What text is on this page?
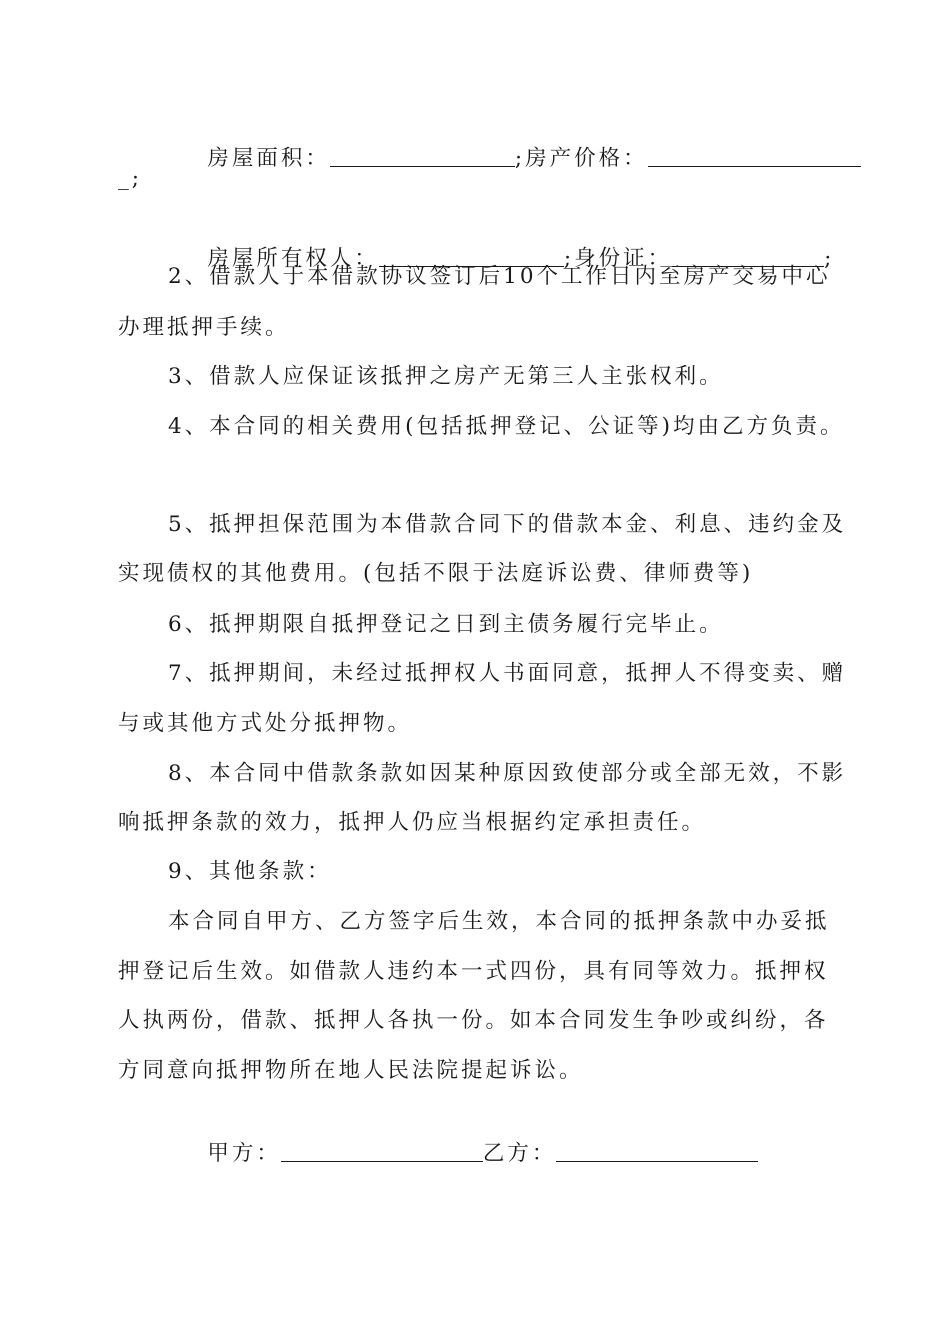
房屋面积：	;房产价格：

_;

房屋所有权人：	;身份证：	;

2、借款人于本借款协议签订后10个工作日内至房产交易中心
办理抵押手续。
3、借款人应保证该抵押之房产无第三人主张权利。
4、本合同的相关费用(包括抵押登记、公证等)均由乙方负责。
5、抵押担保范围为本借款合同下的借款本金、利息、违约金及
实现债权的其他费用。(包括不限于法庭诉讼费、律师费等)
6、抵押期限自抵押登记之日到主债务履行完毕止。
7、抵押期间，未经过抵押权人书面同意，抵押人不得变卖、赠
与或其他方式处分抵押物。
8、本合同中借款条款如因某种原因致使部分或全部无效，不影
响抵押条款的效力，抵押人仍应当根据约定承担责任。
9、其他条款：
本合同自甲方、乙方签字后生效，本合同的抵押条款中办妥抵
押登记后生效。如借款人违约本一式四份，具有同等效力。抵押权
人执两份，借款、抵押人各执一份。如本合同发生争吵或纠纷，各
方同意向抵押物所在地人民法院提起诉讼。

甲方：	乙方：
